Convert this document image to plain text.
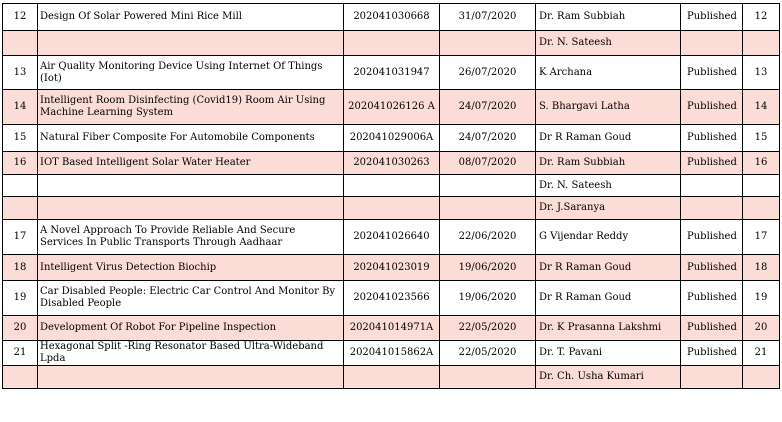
12	Design Of Solar Powered Mini Rice Mill	202041030668	31/07/2020	Dr. Ram Subbiah	Published	12
				Dr. N. Sateesh		
13	Air Quality Monitoring Device Using Internet Of Things (Iot)	202041031947	26/07/2020	K Archana	Published	13
14	Intelligent Room Disinfecting (Covid19) Room Air Using Machine Learning System	202041026126 A	24/07/2020	S. Bhargavi Latha	Published	14
15	Natural Fiber Composite For Automobile Components	202041029006A	24/07/2020	Dr R Raman Goud	Published	15
16	IOT Based Intelligent Solar Water Heater	202041030263	08/07/2020	Dr. Ram Subbiah	Published	16
				Dr. N. Sateesh		
				Dr. J.Saranya		
17	A Novel Approach To Provide Reliable And Secure Services In Public Transports Through Aadhaar	202041026640	22/06/2020	G Vijendar Reddy	Published	17
18	Intelligent Virus Detection Biochip	202041023019	19/06/2020	Dr R Raman Goud	Published	18
19	Car Disabled People: Electric Car Control And Monitor By Disabled People	202041023566	19/06/2020	Dr R Raman Goud	Published	19
20	Development Of Robot For Pipeline Inspection	202041014971A	22/05/2020	Dr. K Prasanna Lakshmi	Published	20
21	Hexagonal Split -Ring Resonator Based Ultra-Wideband Lpda	202041015862A	22/05/2020	Dr. T. Pavani	Published	21
				Dr. Ch. Usha Kumari		
